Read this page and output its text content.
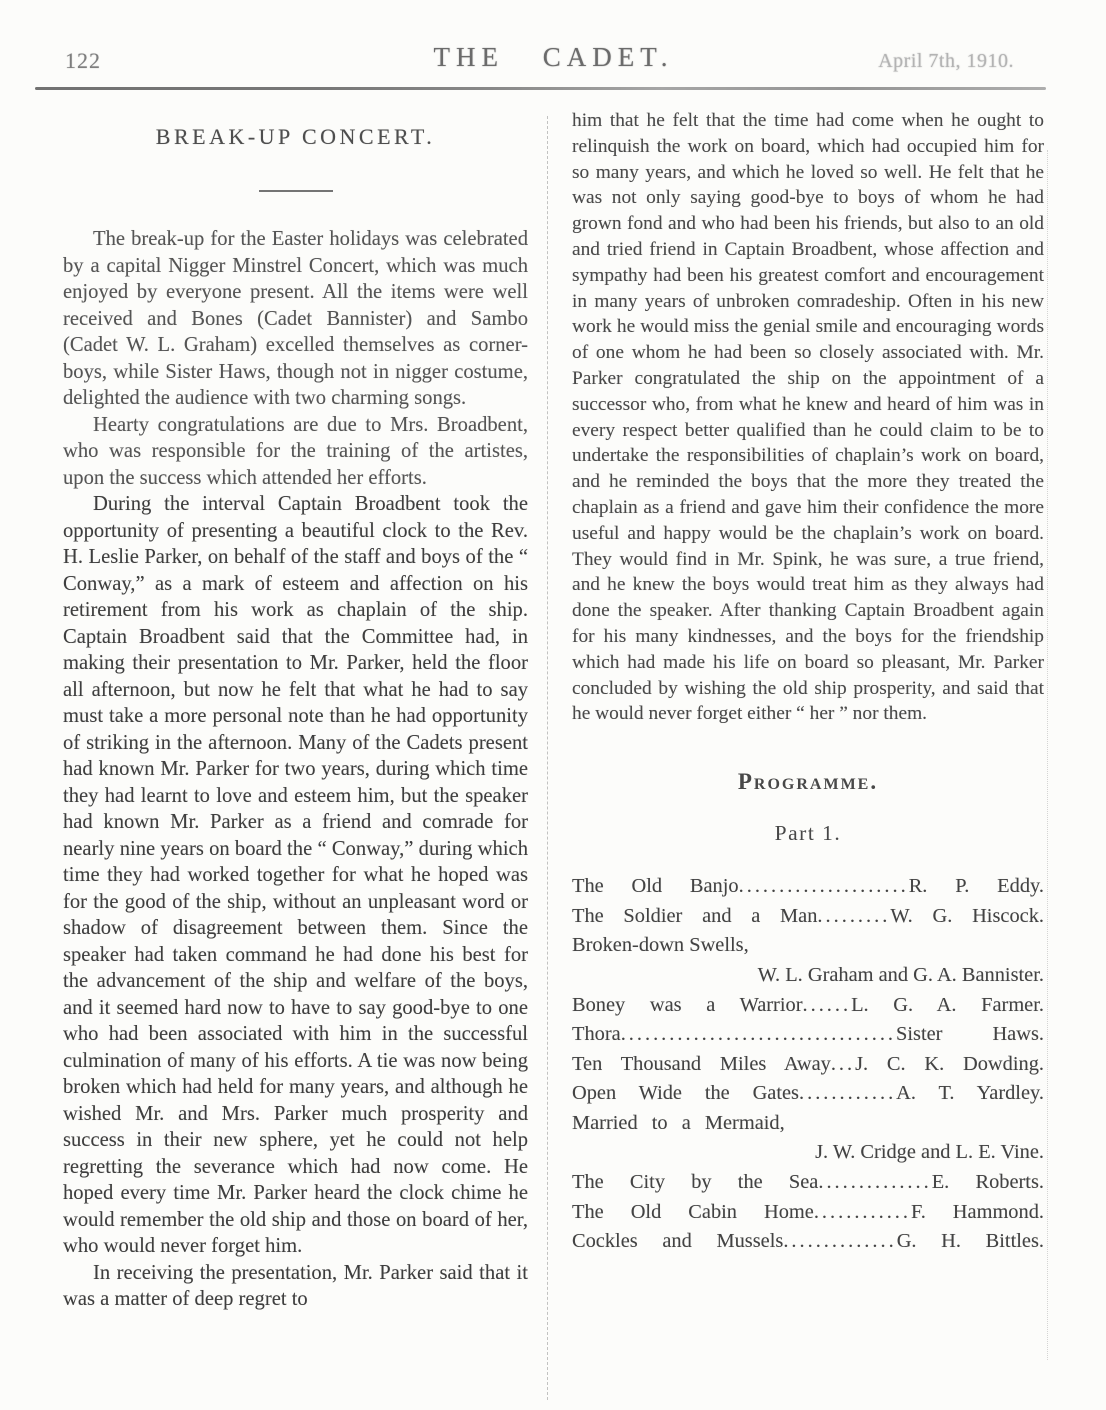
122	THE CADET.	April 7th, 1910.
BREAK-UP CONCERT.

The break-up for the Easter holidays was celebrated by a capital Nigger Minstrel Concert, which was much enjoyed by everyone present. All the items were well received and Bones (Cadet Bannister) and Sambo (Cadet W. L. Graham) excelled themselves as corner-boys, while Sister Haws, though not in nigger costume, delighted the audience with two charming songs.

Hearty congratulations are due to Mrs. Broadbent, who was responsible for the training of the artistes, upon the success which attended her efforts.

During the interval Captain Broadbent took the opportunity of presenting a beautiful clock to the Rev. H. Leslie Parker, on behalf of the staff and boys of the “ Conway,” as a mark of esteem and affection on his retirement from his work as chaplain of the ship. Captain Broadbent said that the Committee had, in making their presentation to Mr. Parker, held the floor all afternoon, but now he felt that what he had to say must take a more personal note than he had opportunity of striking in the afternoon. Many of the Cadets present had known Mr. Parker for two years, during which time they had learnt to love and esteem him, but the speaker had known Mr. Parker as a friend and comrade for nearly nine years on board the “ Conway,” during which time they had worked together for what he hoped was for the good of the ship, without an unpleasant word or shadow of disagreement between them. Since the speaker had taken command he had done his best for the advancement of the ship and welfare of the boys, and it seemed hard now to have to say good-bye to one who had been associated with him in the successful culmination of many of his efforts. A tie was now being broken which had held for many years, and although he wished Mr. and Mrs. Parker much prosperity and success in their new sphere, yet he could not help regretting the severance which had now come. He hoped every time Mr. Parker heard the clock chime he would remember the old ship and those on board of her, who would never forget him.

In receiving the presentation, Mr. Parker said that it was a matter of deep regret to

him that he felt that the time had come when he ought to relinquish the work on board, which had occupied him for so many years, and which he loved so well. He felt that he was not only saying good-bye to boys of whom he had grown fond and who had been his friends, but also to an old and tried friend in Captain Broadbent, whose affection and sympathy had been his greatest comfort and encouragement in many years of unbroken comradeship. Often in his new work he would miss the genial smile and encouraging words of one whom he had been so closely associated with. Mr. Parker congratulated the ship on the appointment of a successor who, from what he knew and heard of him was in every respect better qualified than he could claim to be to undertake the responsibilities of chaplain’s work on board, and he reminded the boys that the more they treated the chaplain as a friend and gave him their confidence the more useful and happy would be the chaplain’s work on board. They would find in Mr. Spink, he was sure, a true friend, and he knew the boys would treat him as they always had done the speaker. After thanking Captain Broadbent again for his many kindnesses, and the boys for the friendship which had made his life on board so pleasant, Mr. Parker concluded by wishing the old ship prosperity, and said that he would never forget either “ her ” nor them.

Programme.
Part 1.
The Old Banjo.....................R. P. Eddy.
The Soldier and a Man.........W. G. Hiscock.
Broken-down Swells,
W. L. Graham and G. A. Bannister.
Boney was a Warrior......L. G. A. Farmer.
Thora..................................Sister Haws.
Ten Thousand Miles Away...J. C. K. Dowding.
Open Wide the Gates............A. T. Yardley.
Married to a Mermaid,
J. W. Cridge and L. E. Vine.
The City by the Sea..............E. Roberts.
The Old Cabin Home............F. Hammond.
Cockles and Mussels..............G. H. Bittles.
